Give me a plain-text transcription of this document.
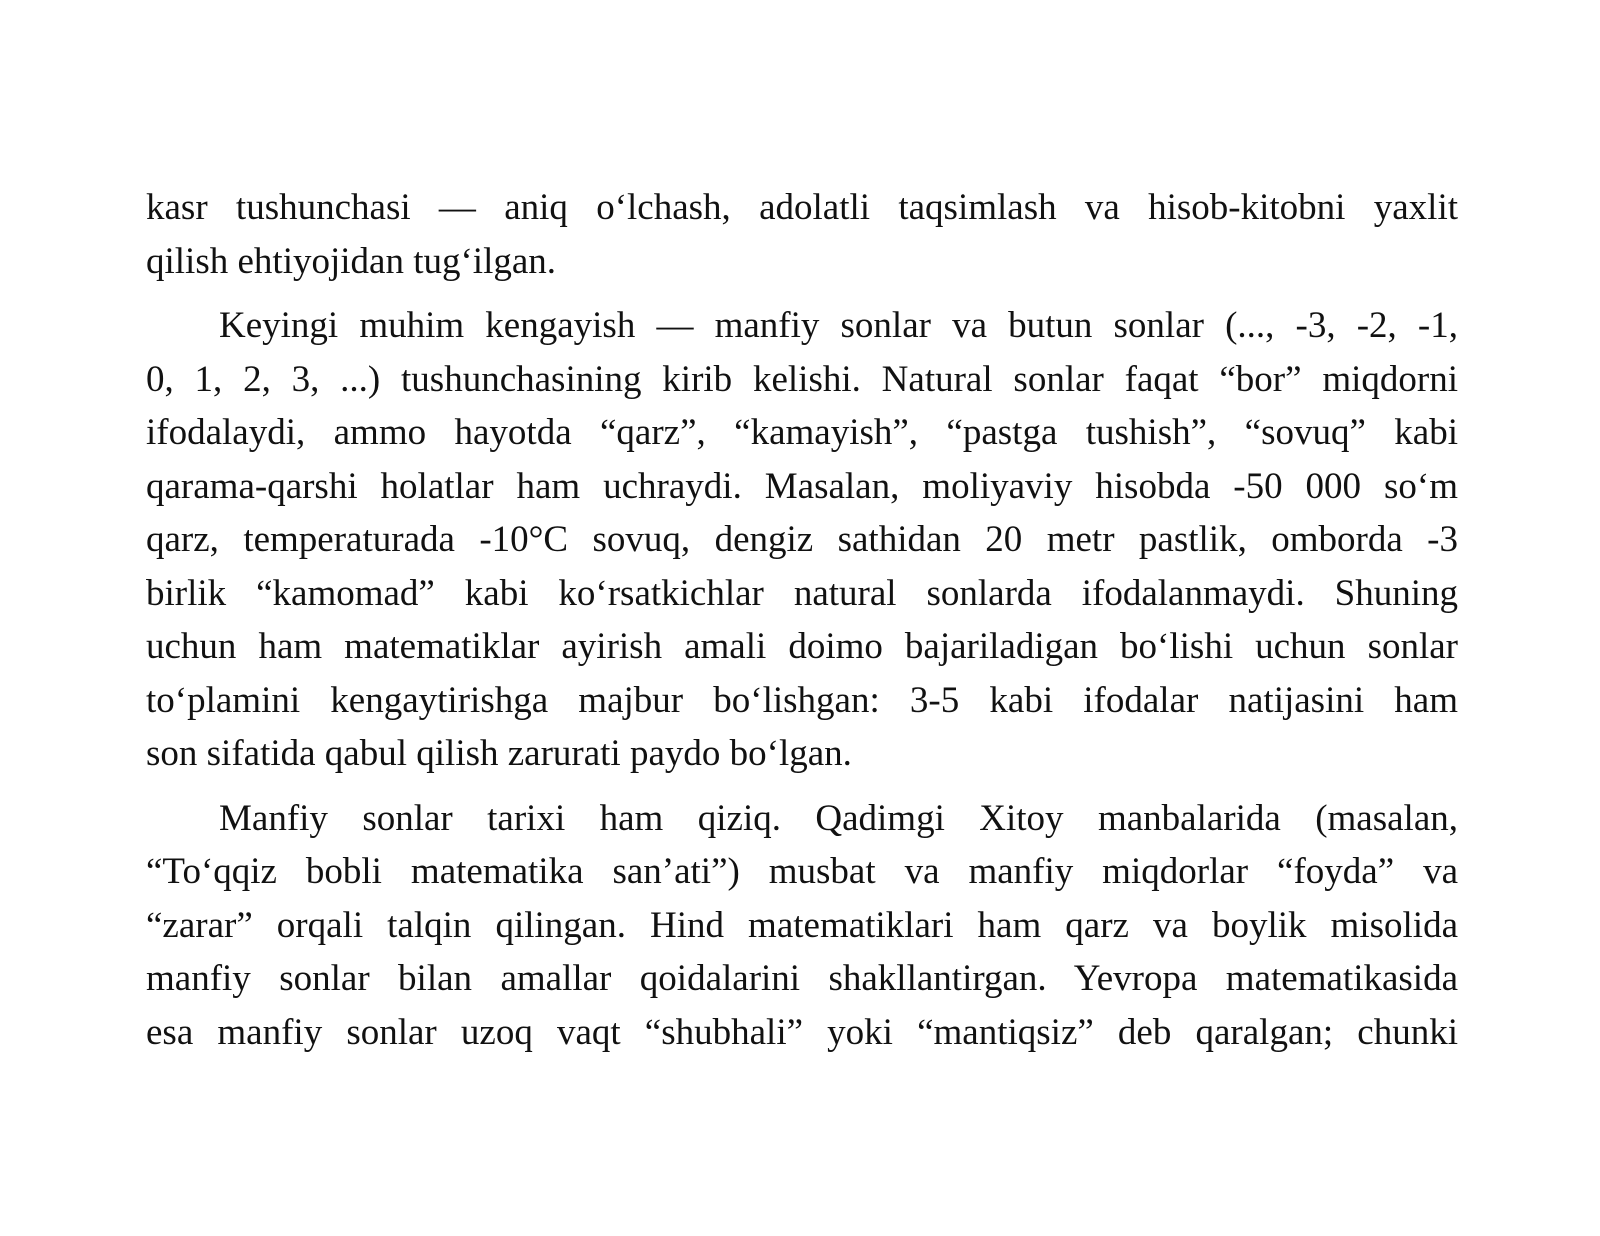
kasr tushunchasi — aniq o‘lchash, adolatli taqsimlash va hisob-kitobni yaxlit
qilish ehtiyojidan tug‘ilgan.
Keyingi muhim kengayish — manfiy sonlar va butun sonlar (..., -3, -2, -1,
0, 1, 2, 3, ...) tushunchasining kirib kelishi. Natural sonlar faqat “bor” miqdorni
ifodalaydi, ammo hayotda “qarz”, “kamayish”, “pastga tushish”, “sovuq” kabi
qarama-qarshi holatlar ham uchraydi. Masalan, moliyaviy hisobda -50 000 so‘m
qarz, temperaturada -10°C sovuq, dengiz sathidan 20 metr pastlik, omborda -3
birlik “kamomad” kabi ko‘rsatkichlar natural sonlarda ifodalanmaydi. Shuning
uchun ham matematiklar ayirish amali doimo bajariladigan bo‘lishi uchun sonlar
to‘plamini kengaytirishga majbur bo‘lishgan: 3-5 kabi ifodalar natijasini ham
son sifatida qabul qilish zarurati paydo bo‘lgan.
Manfiy sonlar tarixi ham qiziq. Qadimgi Xitoy manbalarida (masalan,
“To‘qqiz bobli matematika san’ati”) musbat va manfiy miqdorlar “foyda” va
“zarar” orqali talqin qilingan. Hind matematiklari ham qarz va boylik misolida
manfiy sonlar bilan amallar qoidalarini shakllantirgan. Yevropa matematikasida
esa manfiy sonlar uzoq vaqt “shubhali” yoki “mantiqsiz” deb qaralgan; chunki
